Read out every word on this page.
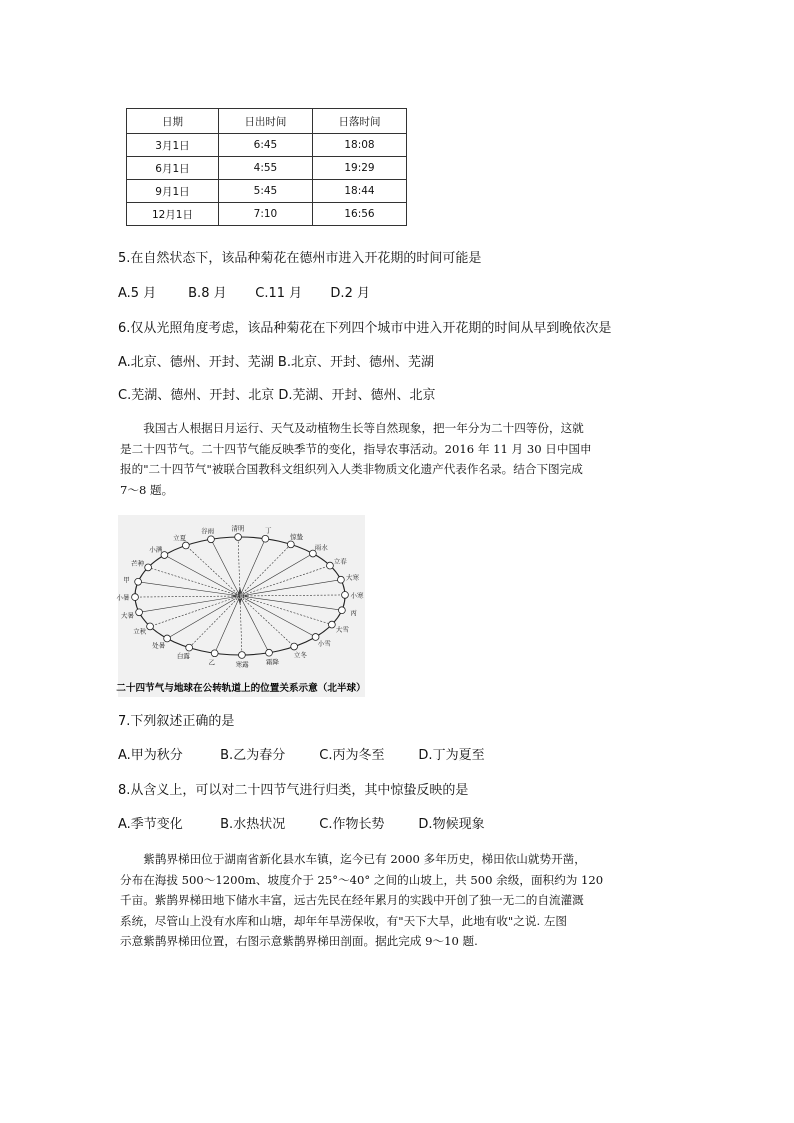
日期	日出时间	日落时间
3月1日	6:45	18:08
6月1日	4:55	19:29
9月1日	5:45	18:44
12月1日	7:10	16:56
5.在自然状态下，该品种菊花在德州市进入开花期的时间可能是
A.5 月 B.8 月 C.11 月 D.2 月
6.仅从光照角度考虑，该品种菊花在下列四个城市中进入开花期的时间从早到晚依次是
A.北京、德州、开封、芜湖 B.北京、开封、德州、芜湖
C.芜湖、德州、开封、北京 D.芜湖、开封、德州、北京

我国古人根据日月运行、天气及动植物生长等自然现象，把一年分为二十四等份，这就

是二十四节气。二十四节气能反映季节的变化，指导农事活动。2016 年 11 月 30 日中国申

报的"二十四节气"被联合国教科文组织列入人类非物质文化遗产代表作名录。结合下图完成

7～8 题。

谷雨	清明	丁
惊蛰
雨水
立春
大寒
小寒
丙
大雪
小雪
立冬
霜降
寒露
乙
白露
处暑
立秋
大暑
小暑
甲
芒种
小满
立夏
太阳
二十四节气与地球在公转轨道上的位置关系示意（北半球）
7.下列叙述正确的是
A.甲为秋分	B.乙为春分	C.丙为冬至	D.丁为夏至
8.从含义上，可以对二十四节气进行归类，其中惊蛰反映的是
A.季节变化	B.水热状况	C.作物长势	D.物候现象

紫鹊界梯田位于湖南省新化县水车镇，迄今已有 2000 多年历史，梯田依山就势开凿，

分布在海拔 500～1200m、坡度介于 25°～40° 之间的山坡上，共 500 余级，面积约为 120

千亩。紫鹊界梯田地下储水丰富，远古先民在经年累月的实践中开创了独一无二的自流灌溉

系统，尽管山上没有水库和山塘，却年年旱涝保收，有"天下大旱，此地有收"之说. 左图

示意紫鹊界梯田位置，右图示意紫鹊界梯田剖面。据此完成 9～10 题.
